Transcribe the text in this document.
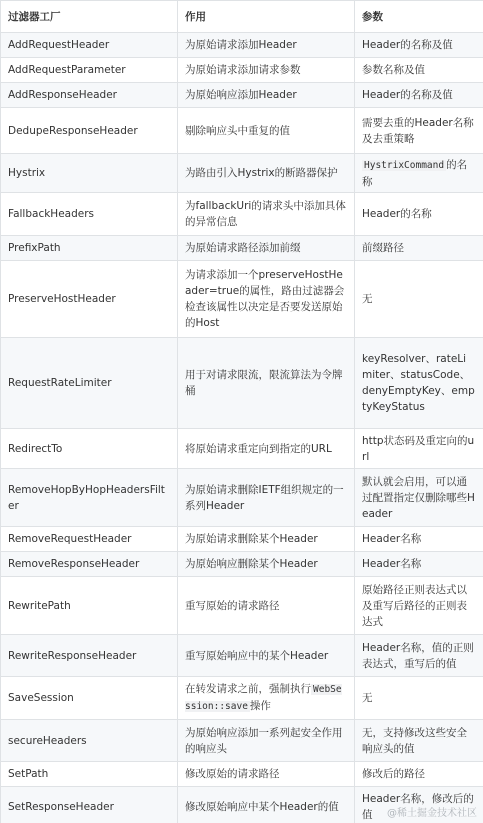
过滤器工厂	作用	参数
AddRequestHeader	为原始请求添加Header	Header的名称及值
AddRequestParameter	为原始请求添加请求参数	参数名称及值
AddResponseHeader	为原始响应添加Header	Header的名称及值
DedupeResponseHeader	剔除响应头中重复的值	需要去重的Header名称及去重策略
Hystrix	为路由引入Hystrix的断路器保护	HystrixCommand 的名称
FallbackHeaders	为fallbackUri的请求头中添加具体的异常信息	Header的名称
PrefixPath	为原始请求路径添加前缀	前缀路径
PreserveHostHeader	为请求添加一个preserveHostHeader=true的属性，路由过滤器会检查该属性以决定是否要发送原始的Host	无
RequestRateLimiter	用于对请求限流，限流算法为令牌桶	keyResolver、rateLimiter、statusCode、denyEmptyKey、emptyKeyStatus
RedirectTo	将原始请求重定向到指定的URL	http状态码及重定向的url
RemoveHopByHopHeadersFilter	为原始请求删除IETF组织规定的一系列Header	默认就会启用，可以通过配置指定仅删除哪些Header
RemoveRequestHeader	为原始请求删除某个Header	Header名称
RemoveResponseHeader	为原始响应删除某个Header	Header名称
RewritePath	重写原始的请求路径	原始路径正则表达式以及重写后路径的正则表达式
RewriteResponseHeader	重写原始响应中的某个Header	Header名称，值的正则表达式，重写后的值
SaveSession	在转发请求之前，强制执行 WebSession::save 操作	无
secureHeaders	为原始响应添加一系列起安全作用的响应头	无，支持修改这些安全响应头的值
SetPath	修改原始的请求路径	修改后的路径
SetResponseHeader	修改原始响应中某个Header的值	Header名称，修改后的值 @稀土掘金技术社区
